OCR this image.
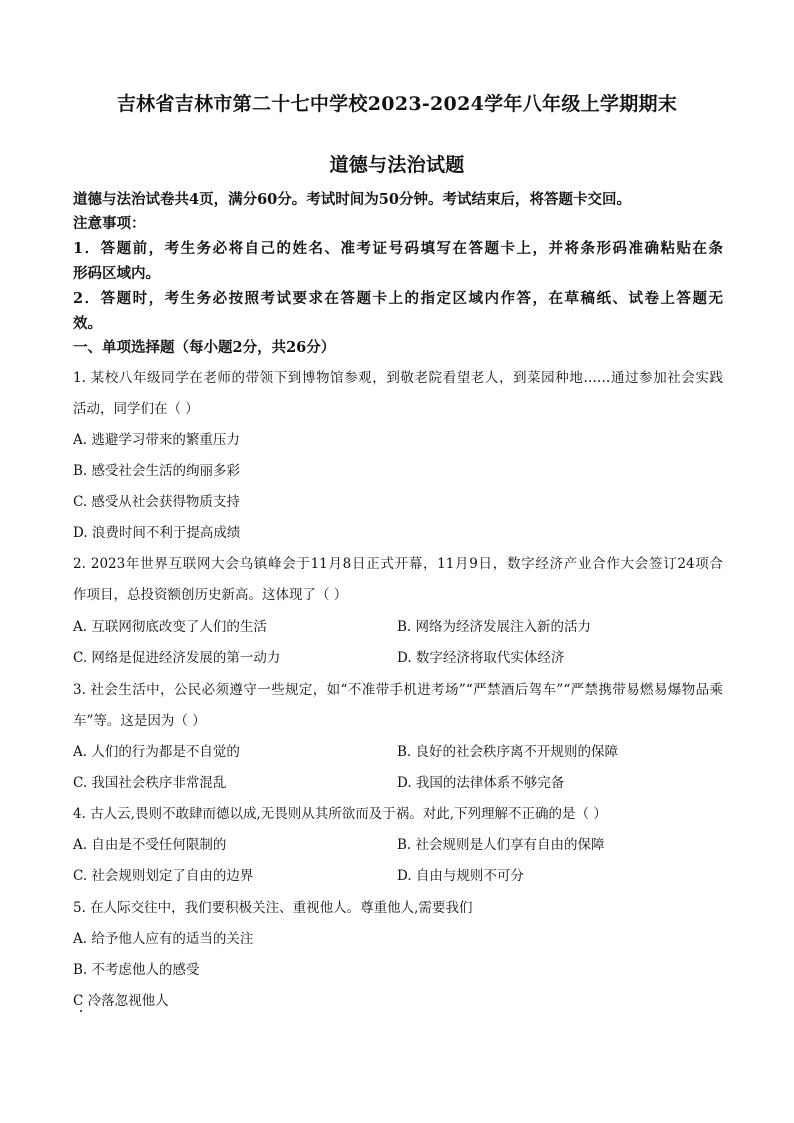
吉林省吉林市第二十七中学校2023-2024学年八年级上学期期末
道德与法治试题
道德与法治试卷共4页，满分60分。考试时间为50分钟。考试结束后，将答题卡交回。
注意事项：
1．答题前，考生务必将自己的姓名、准考证号码填写在答题卡上，并将条形码准确粘贴在条
形码区域内。
2．答题时，考生务必按照考试要求在答题卡上的指定区域内作答，在草稿纸、试卷上答题无
效。
一、单项选择题（每小题2分，共26分）
1. 某校八年级同学在老师的带领下到博物馆参观，到敬老院看望老人，到菜园种地……通过参加社会实践
活动，同学们在（ ）
A. 逃避学习带来的繁重压力
B. 感受社会生活的绚丽多彩
C. 感受从社会获得物质支持
D. 浪费时间不利于提高成绩
2. 2023年世界互联网大会乌镇峰会于11月8日正式开幕，11月9日，数字经济产业合作大会签订24项合
作项目，总投资额创历史新高。这体现了（ ）
A. 互联网彻底改变了人们的生活	B. 网络为经济发展注入新的活力
C. 网络是促进经济发展的第一动力	D. 数字经济将取代实体经济
3. 社会生活中，公民必须遵守一些规定，如“不准带手机进考场”“严禁酒后驾车”“严禁携带易燃易爆物品乘
车”等。这是因为（ ）
A. 人们的行为都是不自觉的	B. 良好的社会秩序离不开规则的保障
C. 我国社会秩序非常混乱	D. 我国的法律体系不够完备
4. 古人云,畏则不敢肆而德以成,无畏则从其所欲而及于祸。对此,下列理解不正确的是（ ）
A. 自由是不受任何限制的	B. 社会规则是人们享有自由的保障
C. 社会规则划定了自由的边界	D. 自由与规则不可分
5. 在人际交往中，我们要积极关注、重视他人。尊重他人,需要我们
A. 给予他人应有的适当的关注
B. 不考虑他人的感受
C 冷落忽视他人
